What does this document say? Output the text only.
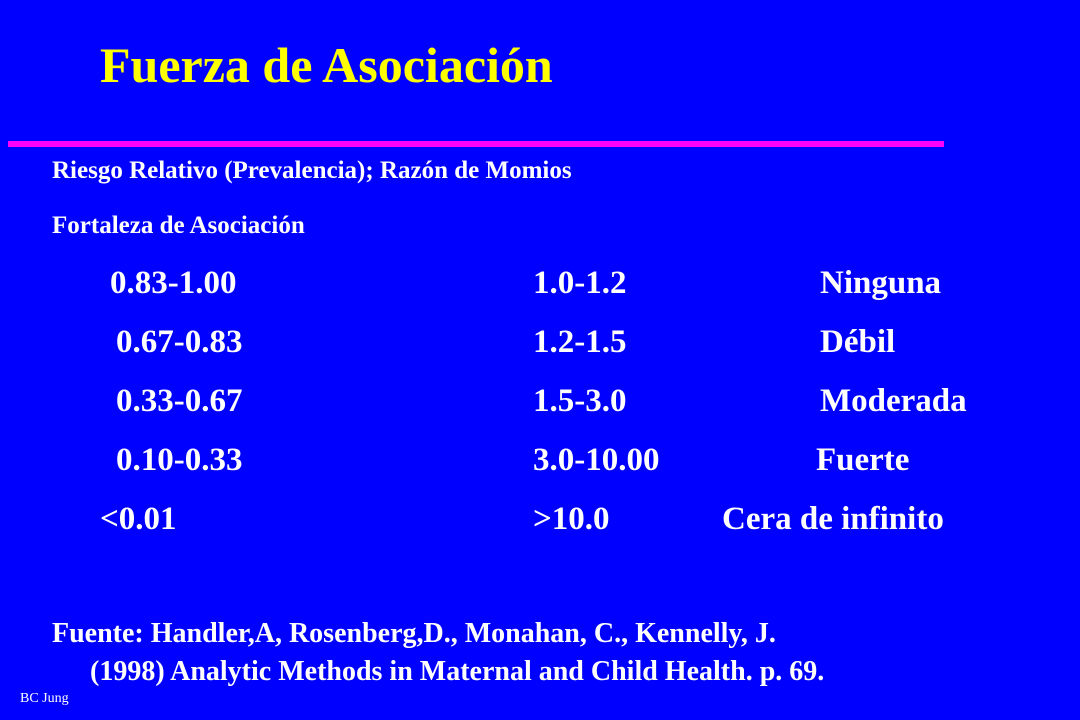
Fuerza de Asociación
Riesgo Relativo (Prevalencia); Razón de Momios
Fortaleza de Asociación
0.83-1.00	1.0-1.2	Ninguna
0.67-0.83	1.2-1.5	Débil
0.33-0.67	1.5-3.0	Moderada
0.10-0.33	3.0-10.00	Fuerte
<0.01	>10.0	Cera de infinito
Fuente: Handler,A, Rosenberg,D., Monahan, C., Kennelly, J.
(1998) Analytic Methods in Maternal and Child Health. p. 69.
BC Jung
